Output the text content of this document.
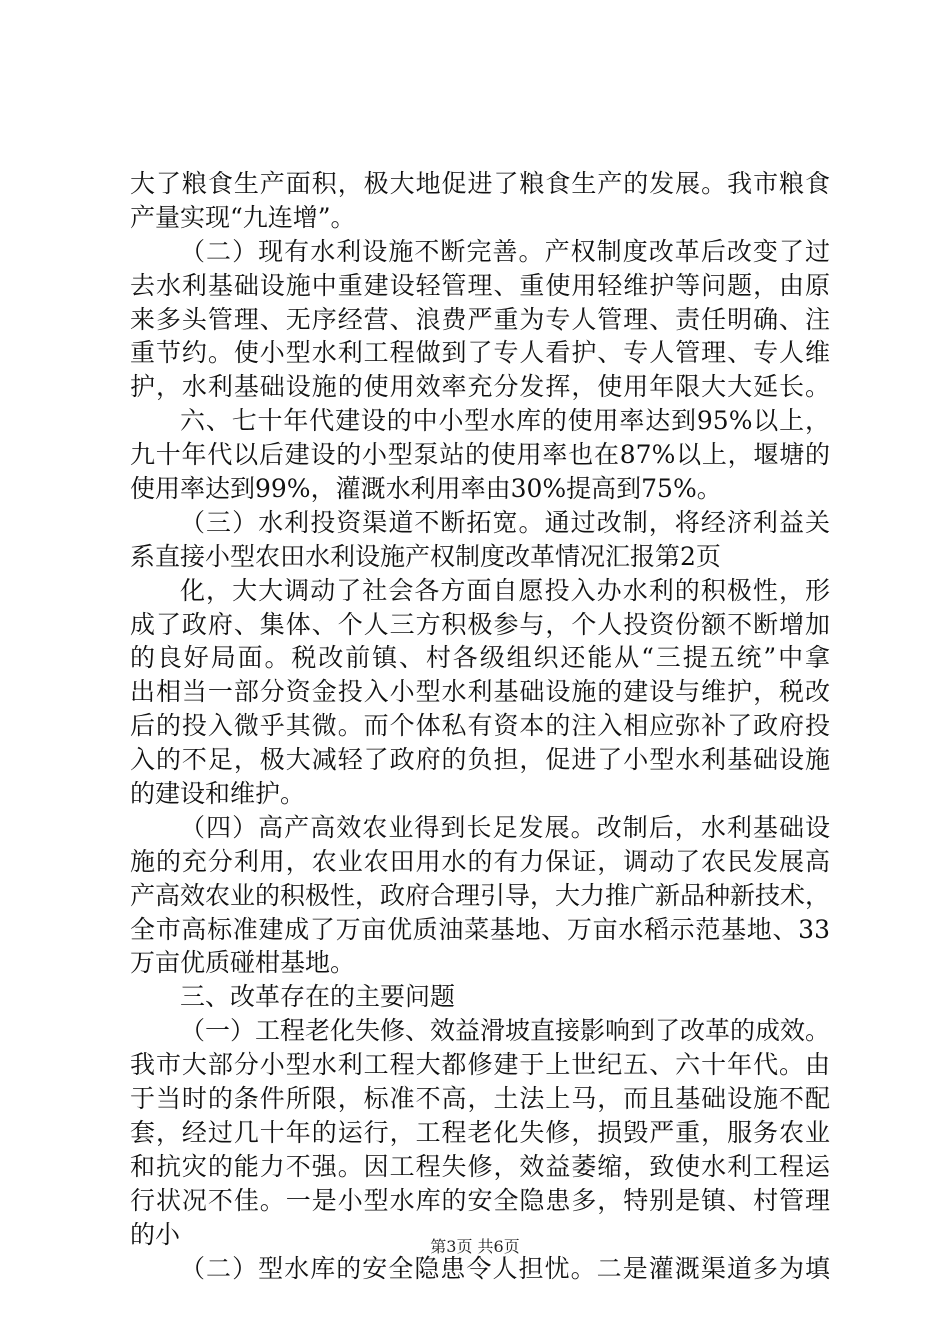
大了粮食生产面积，极大地促进了粮食生产的发展。我市粮食
产量实现“九连增”。
（二）现有水利设施不断完善。产权制度改革后改变了过
去水利基础设施中重建设轻管理、重使用轻维护等问题，由原
来多头管理、无序经营、浪费严重为专人管理、责任明确、注
重节约。使小型水利工程做到了专人看护、专人管理、专人维
护，水利基础设施的使用效率充分发挥，使用年限大大延长。
六、七十年代建设的中小型水库的使用率达到95%以上，
九十年代以后建设的小型泵站的使用率也在87%以上，堰塘的
使用率达到99%，灌溉水利用率由30%提高到75%。
（三）水利投资渠道不断拓宽。通过改制，将经济利益关
系直接小型农田水利设施产权制度改革情况汇报第2页
化，大大调动了社会各方面自愿投入办水利的积极性，形
成了政府、集体、个人三方积极参与，个人投资份额不断增加
的良好局面。税改前镇、村各级组织还能从“三提五统”中拿
出相当一部分资金投入小型水利基础设施的建设与维护，税改
后的投入微乎其微。而个体私有资本的注入相应弥补了政府投
入的不足，极大减轻了政府的负担，促进了小型水利基础设施
的建设和维护。
（四）高产高效农业得到长足发展。改制后，水利基础设
施的充分利用，农业农田用水的有力保证，调动了农民发展高
产高效农业的积极性，政府合理引导，大力推广新品种新技术，
全市高标准建成了万亩优质油菜基地、万亩水稻示范基地、33
万亩优质碰柑基地。
三、改革存在的主要问题
（一）工程老化失修、效益滑坡直接影响到了改革的成效。
我市大部分小型水利工程大都修建于上世纪五、六十年代。由
于当时的条件所限，标准不高，土法上马，而且基础设施不配
套，经过几十年的运行，工程老化失修，损毁严重，服务农业
和抗灾的能力不强。因工程失修，效益萎缩，致使水利工程运
行状况不佳。一是小型水库的安全隐患多，特别是镇、村管理
的小
（二）型水库的安全隐患令人担忧。二是灌溉渠道多为填
第3页 共6页
